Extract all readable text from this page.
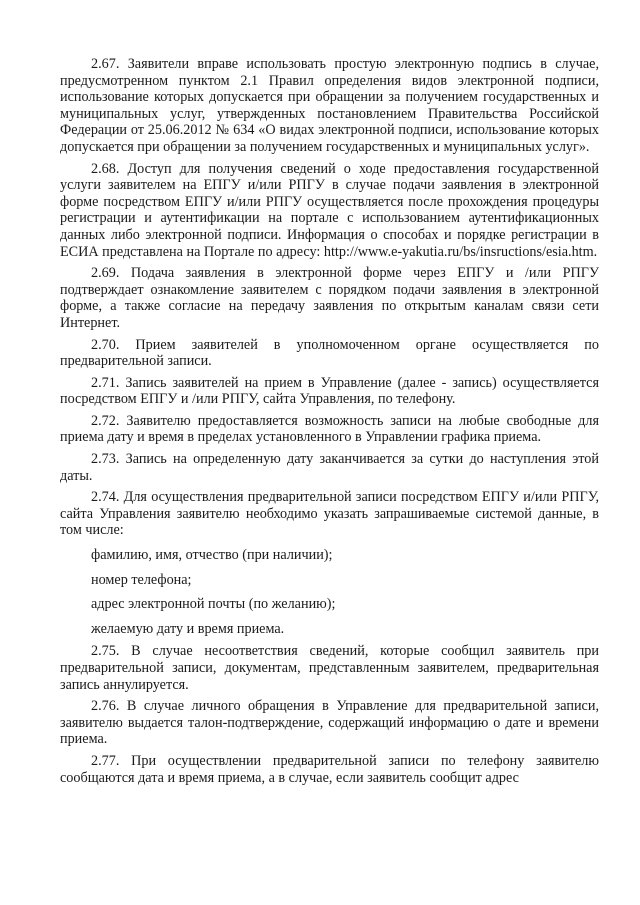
2.67. Заявители вправе использовать простую электронную подпись в случае, предусмотренном пунктом 2.1 Правил определения видов электронной подписи, использование которых допускается при обращении за получением государственных и муниципальных услуг, утвержденных постановлением Правительства Российской Федерации от 25.06.2012 № 634 «О видах электронной подписи, использование которых допускается при обращении за получением государственных и муниципальных услуг».

2.68. Доступ для получения сведений о ходе предоставления государственной услуги заявителем на ЕПГУ и/или РПГУ в случае подачи заявления в электронной форме посредством ЕПГУ и/или РПГУ осуществляется после прохождения процедуры регистрации и аутентификации на портале с использованием аутентификационных данных либо электронной подписи. Информация о способах и порядке регистрации в ЕСИА представлена на Портале по адресу: http://www.e-yakutia.ru/bs/insructions/esia.htm.

2.69. Подача заявления в электронной форме через ЕПГУ и /или РПГУ подтверждает ознакомление заявителем с порядком подачи заявления в электронной форме, а также согласие на передачу заявления по открытым каналам связи сети Интернет.

2.70. Прием заявителей в уполномоченном органе осуществляется по предварительной записи.

2.71. Запись заявителей на прием в Управление (далее - запись) осуществляется посредством ЕПГУ и /или РПГУ, сайта Управления, по телефону.

2.72. Заявителю предоставляется возможность записи на любые свободные для приема дату и время в пределах установленного в Управлении графика приема.

2.73. Запись на определенную дату заканчивается за сутки до наступления этой даты.

2.74. Для осуществления предварительной записи посредством ЕПГУ и/или РПГУ, сайта Управления заявителю необходимо указать запрашиваемые системой данные, в том числе:

фамилию, имя, отчество (при наличии);

номер телефона;

адрес электронной почты (по желанию);

желаемую дату и время приема.

2.75. В случае несоответствия сведений, которые сообщил заявитель при предварительной записи, документам, представленным заявителем, предварительная запись аннулируется.

2.76. В случае личного обращения в Управление для предварительной записи, заявителю выдается талон-подтверждение, содержащий информацию о дате и времени приема.

2.77. При осуществлении предварительной записи по телефону заявителю сообщаются дата и время приема, а в случае, если заявитель сообщит адрес
